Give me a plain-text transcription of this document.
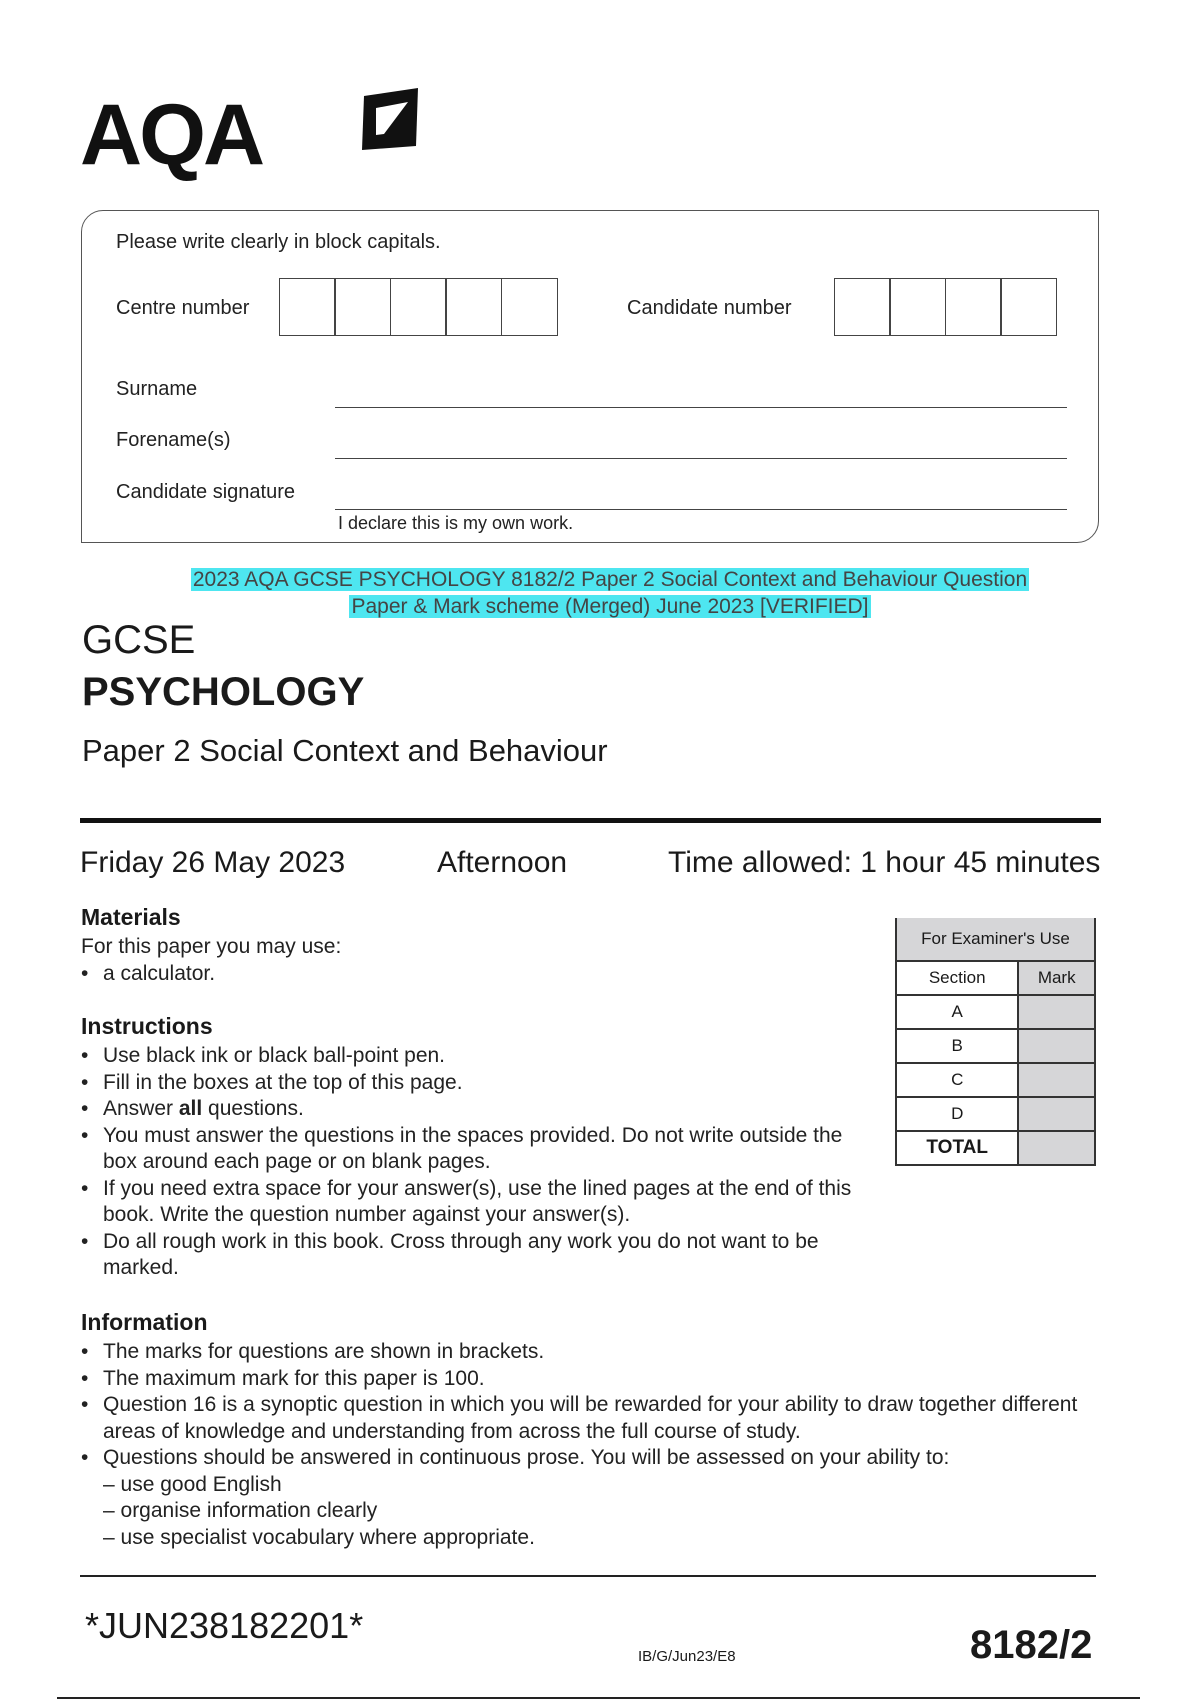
AQA
Please write clearly in block capitals.
Centre number	Candidate number
Surname
Forename(s)
Candidate signature
I declare this is my own work.
2023 AQA GCSE PSYCHOLOGY 8182/2 Paper 2 Social Context and Behaviour Question
Paper & Mark scheme (Merged) June 2023 [VERIFIED]
GCSE
PSYCHOLOGY
Paper 2 Social Context and Behaviour
Friday 26 May 2023	Afternoon	Time allowed: 1 hour 45 minutes
Materials
For this paper you may use:
• a calculator.
Instructions
• Use black ink or black ball-point pen.
• Fill in the boxes at the top of this page.
• Answer all questions.
• You must answer the questions in the spaces provided. Do not write outside the box around each page or on blank pages.
• If you need extra space for your answer(s), use the lined pages at the end of this book. Write the question number against your answer(s).
• Do all rough work in this book. Cross through any work you do not want to be marked.
For Examiner's Use	
Section	Mark
A	
B	
C	
D	
TOTAL	
Information
• The marks for questions are shown in brackets.
• The maximum mark for this paper is 100.
• Question 16 is a synoptic question in which you will be rewarded for your ability to draw together different areas of knowledge and understanding from across the full course of study.
• Questions should be answered in continuous prose. You will be assessed on your ability to:
– use good English
– organise information clearly
– use specialist vocabulary where appropriate.
*JUN238182201*
IB/G/Jun23/E8	8182/2
